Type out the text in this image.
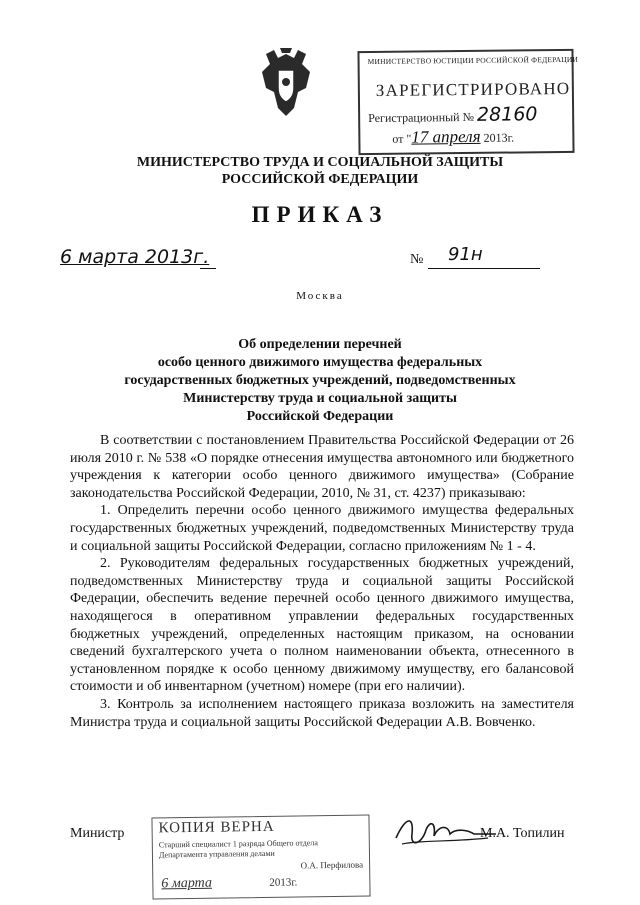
МИНИСТЕРСТВО ЮСТИЦИИ РОССИЙСКОЙ ФЕДЕРАЦИИ
ЗАРЕГИСТРИРОВАНО
Регистрационный № 28160
от "17 апреля 2013г.
МИНИСТЕРСТВО ТРУДА И СОЦИАЛЬНОЙ ЗАЩИТЫ
РОССИЙСКОЙ ФЕДЕРАЦИИ
ПРИКАЗ
6 марта 2013г.	№ 91н
Москва
Об определении перечней
особо ценного движимого имущества федеральных
государственных бюджетных учреждений, подведомственных
Министерству труда и социальной защиты
Российской Федерации

В соответствии с постановлением Правительства Российской Федерации от 26 июля 2010 г. № 538 «О порядке отнесения имущества автономного или бюджетного учреждения к категории особо ценного движимого имущества» (Собрание законодательства Российской Федерации, 2010, № 31, ст. 4237) приказываю:

1. Определить перечни особо ценного движимого имущества федеральных государственных бюджетных учреждений, подведомственных Министерству труда и социальной защиты Российской Федерации, согласно приложениям № 1 - 4.

2. Руководителям федеральных государственных бюджетных учреждений, подведомственных Министерству труда и социальной защиты Российской Федерации, обеспечить ведение перечней особо ценного движимого имущества, находящегося в оперативном управлении федеральных государственных бюджетных учреждений, определенных настоящим приказом, на основании сведений бухгалтерского учета о полном наименовании объекта, отнесенного в установленном порядке к особо ценному движимому имуществу, его балансовой стоимости и об инвентарном (учетном) номере (при его наличии).

3. Контроль за исполнением настоящего приказа возложить на заместителя Министра труда и социальной защиты Российской Федерации А.В. Вовченко.

Министр КОПИЯ ВЕРНА
Старший специалист 1 разряда Общего отдела Департамента управления делами
О.А. Перфилова
6 марта	2013г.
М.А. Топилин
